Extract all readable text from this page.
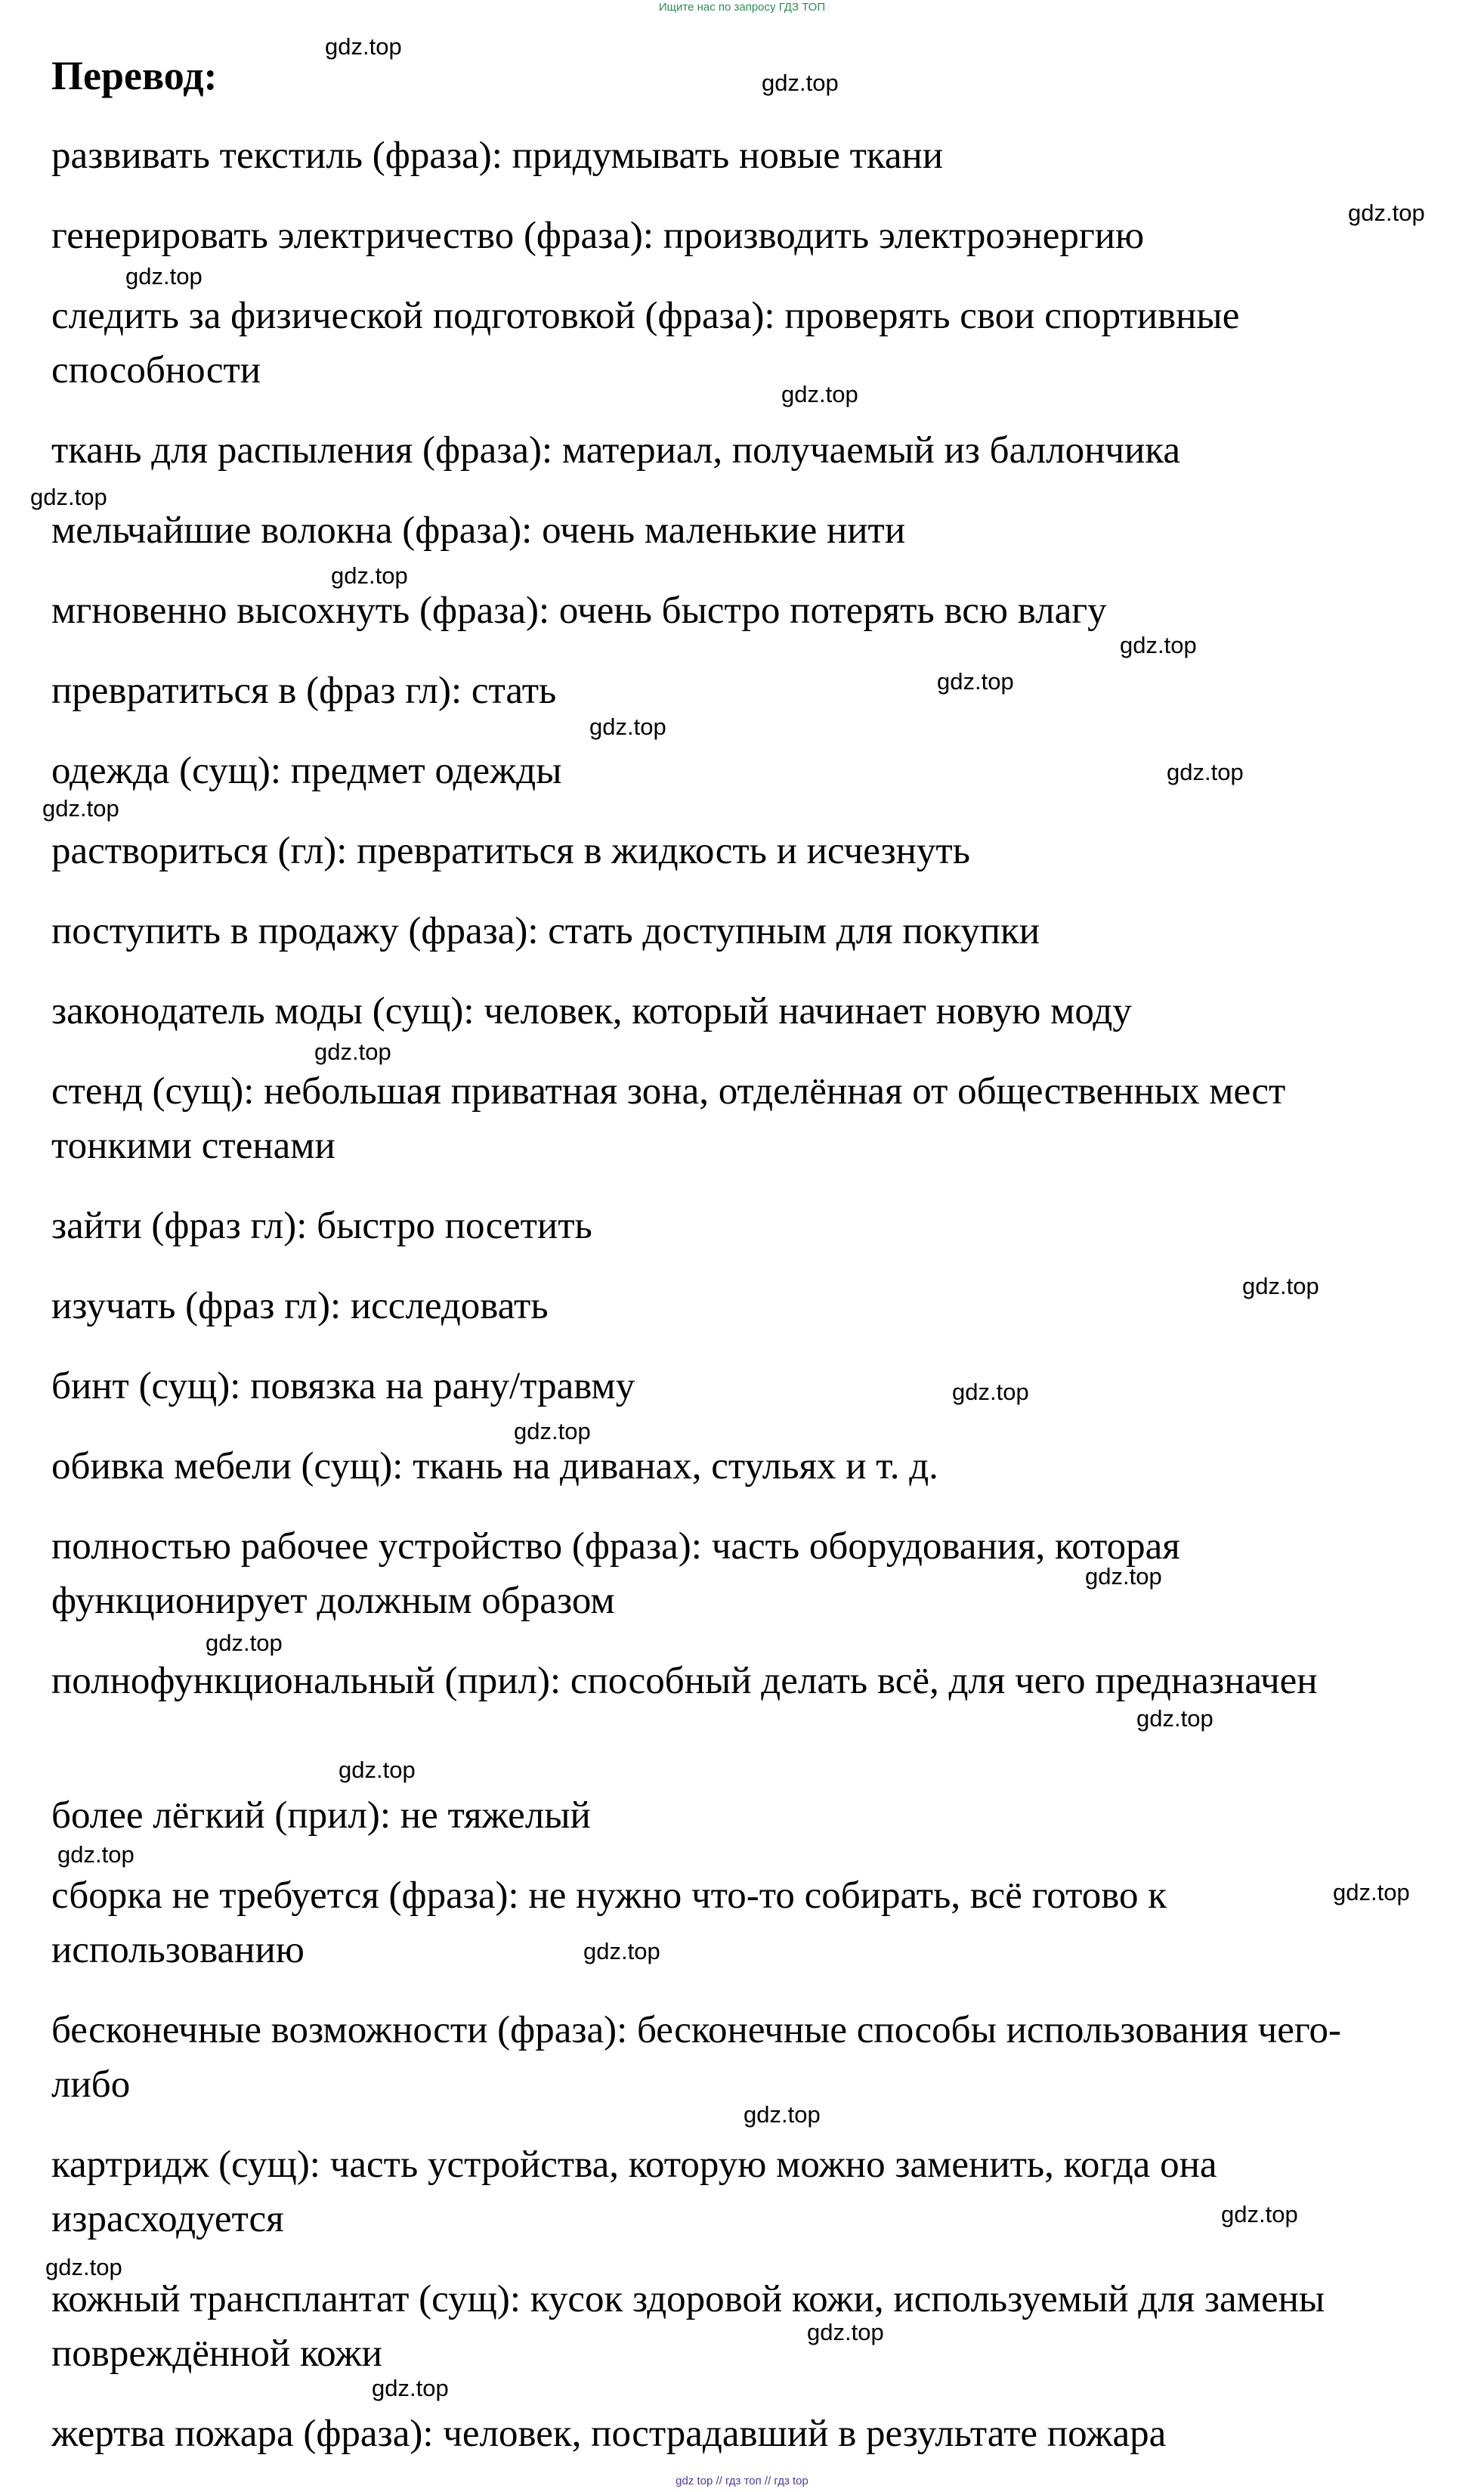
Ищите нас по запросу ГДЗ ТОП
Перевод:
развивать текстиль (фраза): придумывать новые ткани
генерировать электричество (фраза): производить электроэнергию
следить за физической подготовкой (фраза): проверять свои спортивные способности
ткань для распыления (фраза): материал, получаемый из баллончика
мельчайшие волокна (фраза): очень маленькие нити
мгновенно высохнуть (фраза): очень быстро потерять всю влагу
превратиться в (фраз гл): стать
одежда (сущ): предмет одежды
раствориться (гл): превратиться в жидкость и исчезнуть
поступить в продажу (фраза): стать доступным для покупки
законодатель моды (сущ): человек, который начинает новую моду
стенд (сущ): небольшая приватная зона, отделённая от общественных мест тонкими стенами
зайти (фраз гл): быстро посетить
изучать (фраз гл): исследовать
бинт (сущ): повязка на рану/травму
обивка мебели (сущ): ткань на диванах, стульях и т. д.
полностью рабочее устройство (фраза): часть оборудования, которая функционирует должным образом
полнофункциональный (прил): способный делать всё, для чего предназначен
более лёгкий (прил): не тяжелый
сборка не требуется (фраза): не нужно что-то собирать, всё готово к использованию
бесконечные возможности (фраза): бесконечные способы использования чего-либо
картридж (сущ): часть устройства, которую можно заменить, когда она израсходуется
кожный трансплантат (сущ): кусок здоровой кожи, используемый для замены повреждённой кожи
жертва пожара (фраза): человек, пострадавший в результате пожара
gdz.top
gdz.top
gdz.top
gdz.top
gdz.top
gdz.top
gdz.top
gdz.top
gdz.top
gdz.top
gdz.top
gdz.top
gdz.top
gdz.top
gdz.top
gdz.top
gdz.top
gdz.top
gdz.top
gdz.top
gdz.top
gdz.top
gdz.top
gdz.top
gdz.top
gdz.top
gdz.top
gdz.top
gdz top // гдз топ // гдз top
